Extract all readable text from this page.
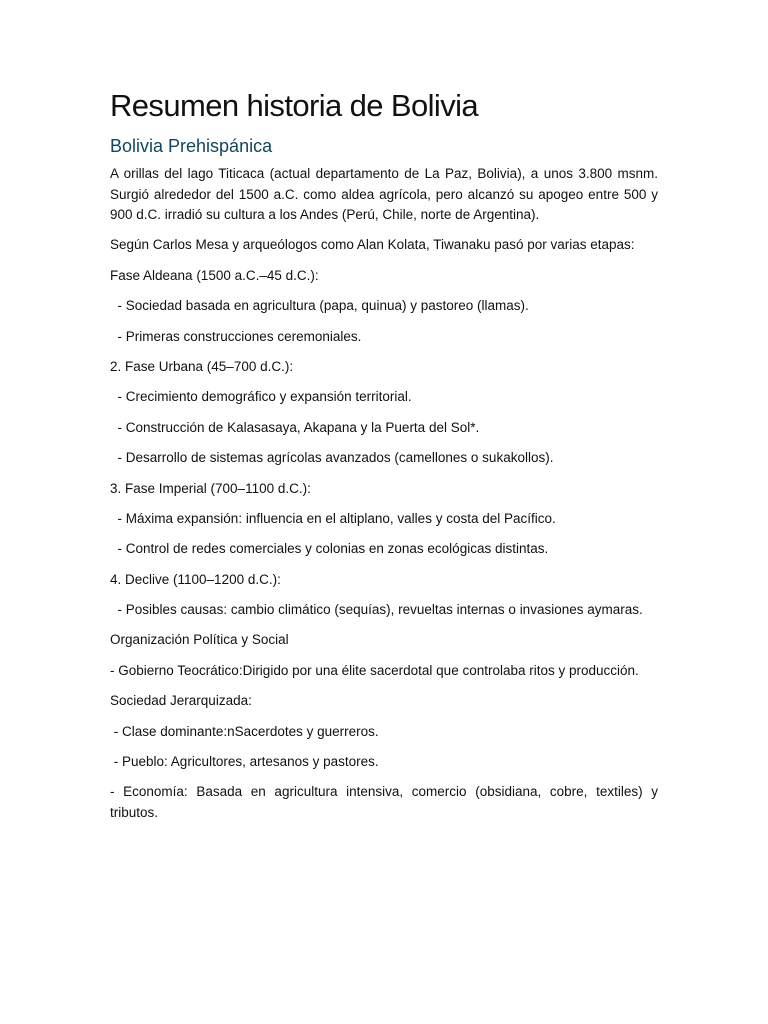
Resumen historia de Bolivia
Bolivia Prehispánica

A orillas del lago Titicaca (actual departamento de La Paz, Bolivia), a unos 3.800 msnm.  Surgió alrededor del 1500 a.C. como aldea agrícola, pero alcanzó su apogeo entre 500 y 900 d.C. irradió su cultura a los Andes (Perú, Chile, norte de Argentina).

Según Carlos Mesa y arqueólogos como Alan Kolata, Tiwanaku pasó por varias etapas:

Fase Aldeana (1500 a.C.–45 d.C.):

- Sociedad basada en agricultura (papa, quinua) y pastoreo (llamas).

- Primeras construcciones ceremoniales.

2. Fase Urbana (45–700 d.C.):

- Crecimiento demográfico y expansión territorial.

- Construcción de Kalasasaya, Akapana y la Puerta del Sol*.

- Desarrollo de sistemas agrícolas avanzados (camellones o sukakollos).

3. Fase Imperial (700–1100 d.C.):

- Máxima expansión: influencia en el altiplano, valles y costa del Pacífico.

- Control de redes comerciales y colonias en zonas ecológicas distintas.

4. Declive (1100–1200 d.C.):

- Posibles causas: cambio climático (sequías), revueltas internas o invasiones aymaras.

Organización Política y Social

- Gobierno Teocrático:Dirigido por una élite sacerdotal que controlaba ritos y producción.

Sociedad Jerarquizada:

- Clase dominante:nSacerdotes y guerreros.

- Pueblo: Agricultores, artesanos y pastores.

- Economía: Basada en agricultura intensiva, comercio (obsidiana, cobre, textiles) y tributos.
